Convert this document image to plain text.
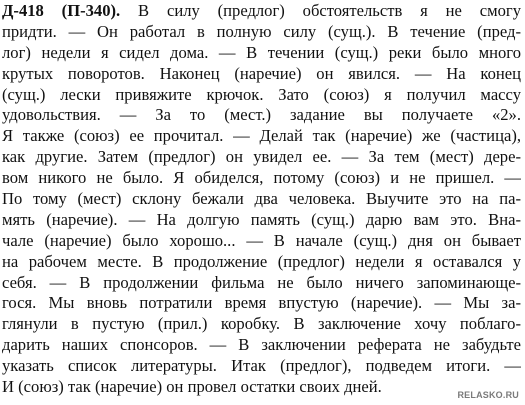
Д-418 (П-340). В силу (предлог) обстоятельств я не смогу
придти. — Он работал в полную силу (сущ.). В течение (пред-
лог) недели я сидел дома. — В течении (сущ.) реки было много
крутых поворотов. Наконец (наречие) он явился. — На конец
(сущ.) лески привяжите крючок. Зато (союз) я получил массу
удовольствия. — За то (мест.) задание вы получаете «2».
Я также (союз) ее прочитал. — Делай так (наречие) же (частица),
как другие. Затем (предлог) он увидел ее. — За тем (мест) дере-
вом никого не было. Я обиделся, потому (союз) и не пришел. —
По тому (мест) склону бежали два человека. Выучите это на па-
мять (наречие). — На долгую память (сущ.) дарю вам это. Вна-
чале (наречие) было хорошо... — В начале (сущ.) дня он бывает
на рабочем месте. В продолжение (предлог) недели я оставался у
себя. — В продолжении фильма не было ничего запоминающе-
гося. Мы вновь потратили время впустую (наречие). — Мы за-
глянули в пустую (прил.) коробку. В заключение хочу поблаго-
дарить наших спонсоров. — В заключении реферата не забудьте
указать список литературы. Итак (предлог), подведем итоги. —
И (союз) так (наречие) он провел остатки своих дней.	RELASKO.RU
